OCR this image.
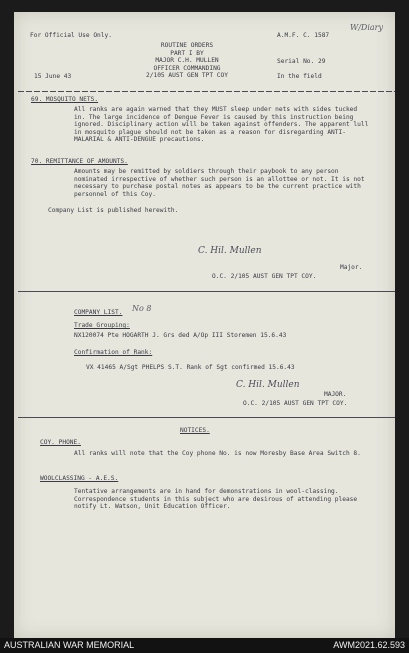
For Official Use Only.
W/Diary
ROUTINE ORDERS
PART I BY
MAJOR C.H. MULLEN
OFFICER COMMANDING
2/105 AUST GEN TPT COY
A.M.F. C. 1587
Serial No. 29
15 June 43	In the field
69. MOSQUITO NETS.
All ranks are again warned that they MUST sleep under nets with sides tucked in. The large incidence of Dengue Fever is caused by this instruction being ignored. Disciplinary action will be taken against offenders. The apparent lull in mosquito plague should not be taken as a reason for disregarding ANTI-MALARIAL & ANTI-DENGUE precautions.
70. REMITTANCE OF AMOUNTS.
Amounts may be remitted by soldiers through their paybook to any person nominated irrespective of whether such person is an allottee or not. It is not necessary to purchase postal notes as appears to be the current practice with personnel of this Coy.
Company List is published herewith.
C. Hil. Mullen
Major.
O.C. 2/105 AUST GEN TPT COY.
COMPANY LIST. No 8
Trade Grouping:
NX120074 Pte HOGARTH J. Grs ded A/Op III Storemen 15.6.43
Confirmation of Rank:
VX 41465 A/Sgt PHELPS S.T. Rank of Sgt confirmed 15.6.43
C. Hil. Mullen
MAJOR.
O.C. 2/105 AUST GEN TPT COY.
NOTICES.
COY. PHONE.
All ranks will note that the Coy phone No. is now Moresby Base Area Switch 8.
WOOLCLASSING - A.E.S.
Tentative arrangements are in hand for demonstrations in wool-classing. Correspondence students in this subject who are desirous of attending please notify Lt. Watson, Unit Education Officer.
AUSTRALIAN WAR MEMORIAL	AWM2021.62.593
